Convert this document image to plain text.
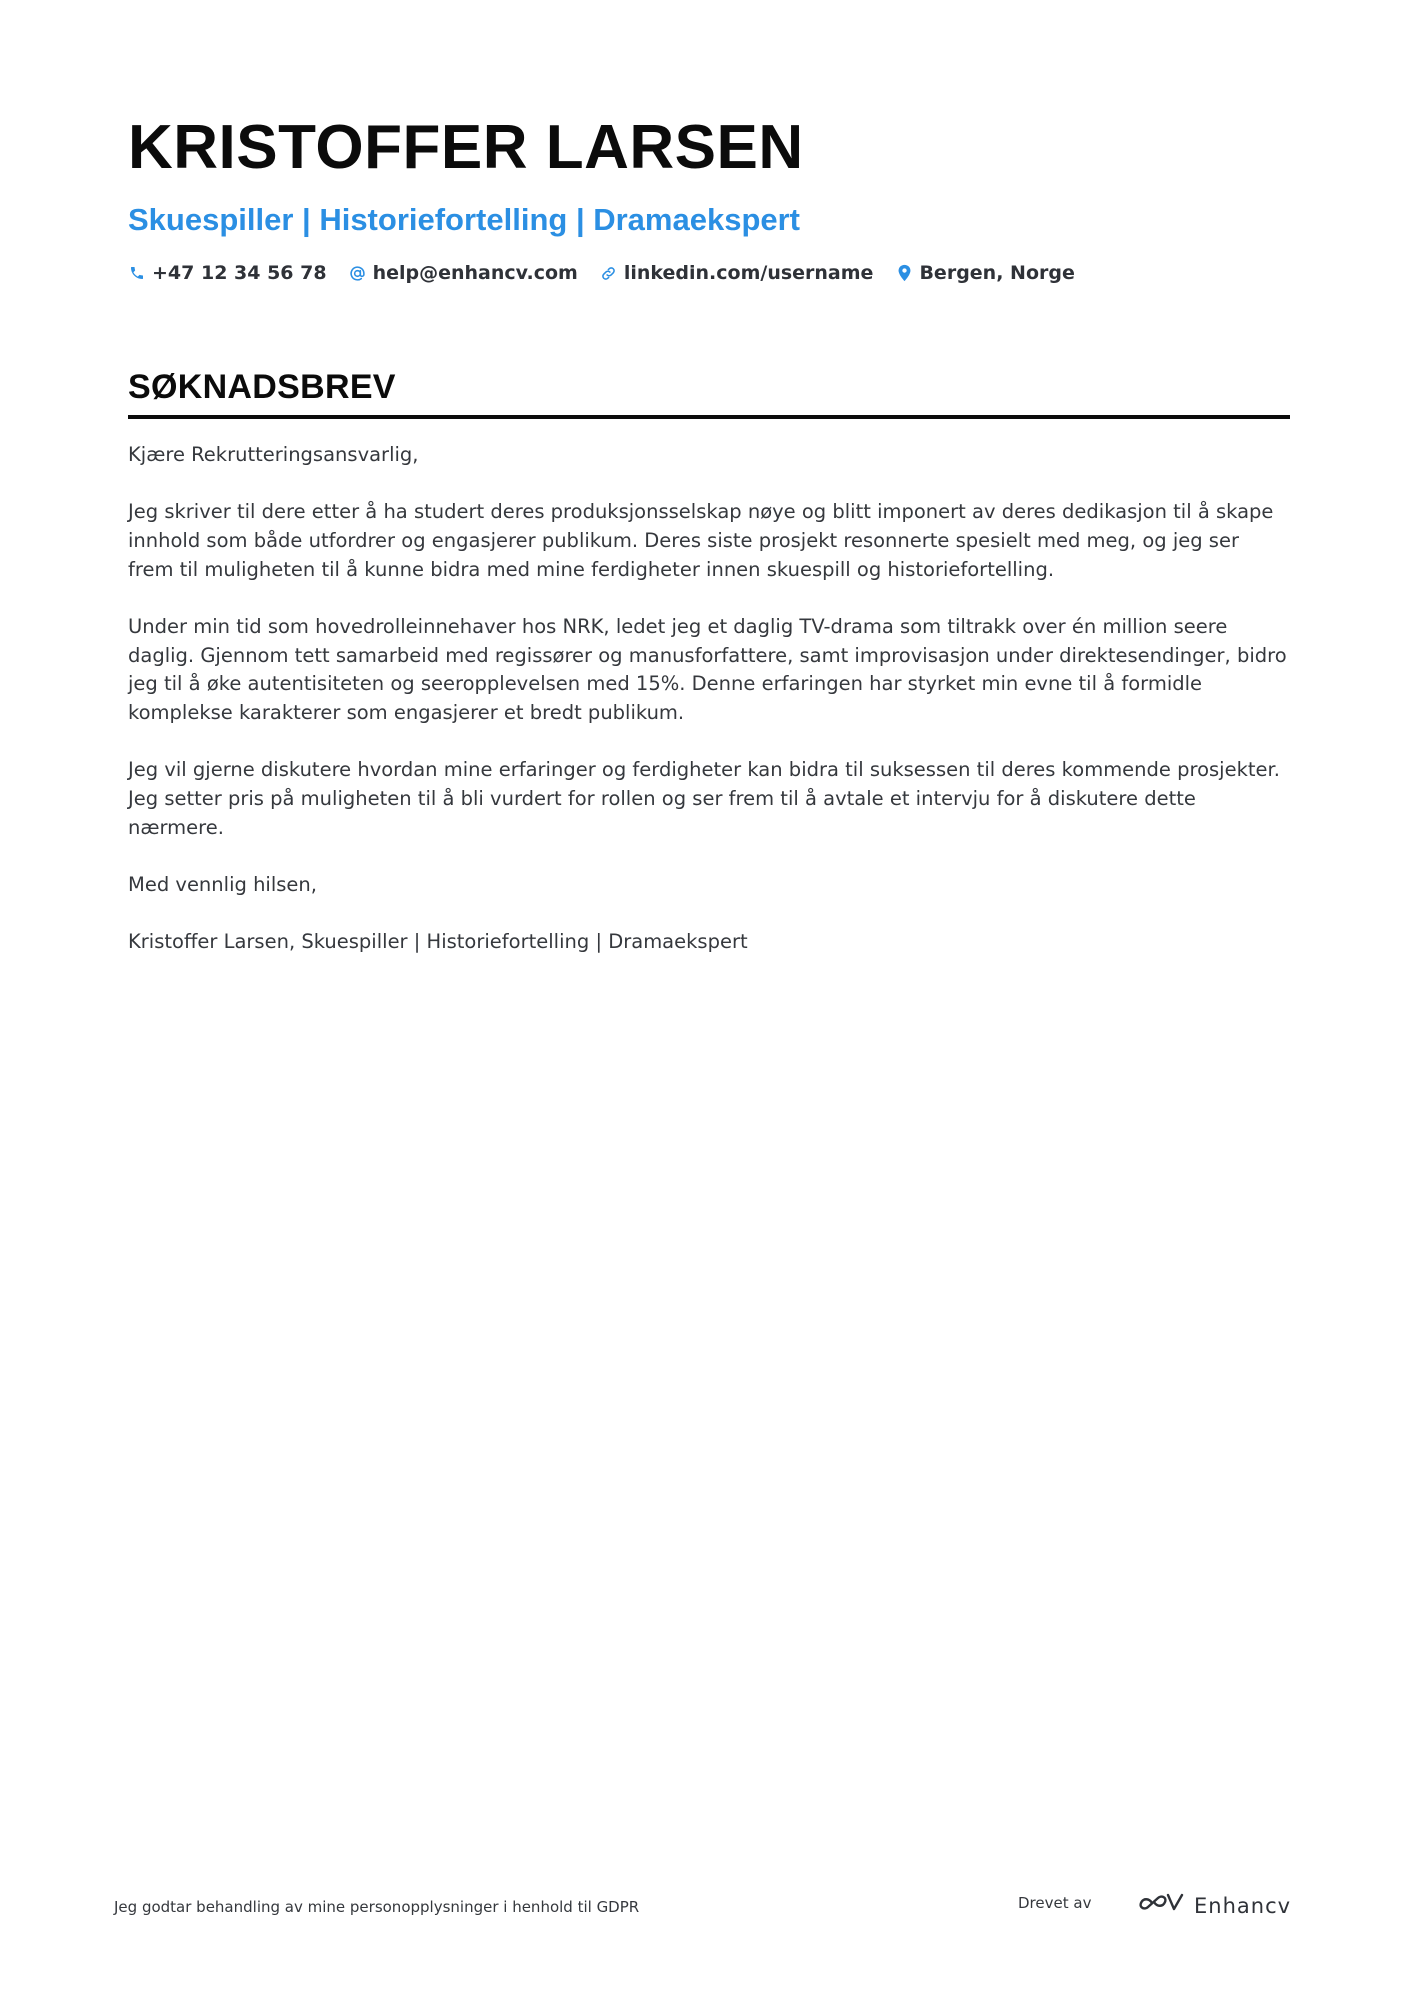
KRISTOFFER LARSEN
Skuespiller | Historiefortelling | Dramaekspert
+47 12 34 56 78 help@enhancv.com linkedin.com/username Bergen, Norge
SØKNADSBREV

Kjære Rekrutteringsansvarlig,

Jeg skriver til dere etter å ha studert deres produksjonsselskap nøye og blitt imponert av deres dedikasjon til å skape innhold som både utfordrer og engasjerer publikum. Deres siste prosjekt resonnerte spesielt med meg, og jeg ser frem til muligheten til å kunne bidra med mine ferdigheter innen skuespill og historiefortelling.

Under min tid som hovedrolleinnehaver hos NRK, ledet jeg et daglig TV-drama som tiltrakk over én million seere daglig. Gjennom tett samarbeid med regissører og manusforfattere, samt improvisasjon under direktesendinger, bidro jeg til å øke autentisiteten og seeropplevelsen med 15%. Denne erfaringen har styrket min evne til å formidle komplekse karakterer som engasjerer et bredt publikum.

Jeg vil gjerne diskutere hvordan mine erfaringer og ferdigheter kan bidra til suksessen til deres kommende prosjekter. Jeg setter pris på muligheten til å bli vurdert for rollen og ser frem til å avtale et intervju for å diskutere dette nærmere.

Med vennlig hilsen,

Kristoffer Larsen, Skuespiller | Historiefortelling | Dramaekspert

Jeg godtar behandling av mine personopplysninger i henhold til GDPR	Drevet av	Enhancv
